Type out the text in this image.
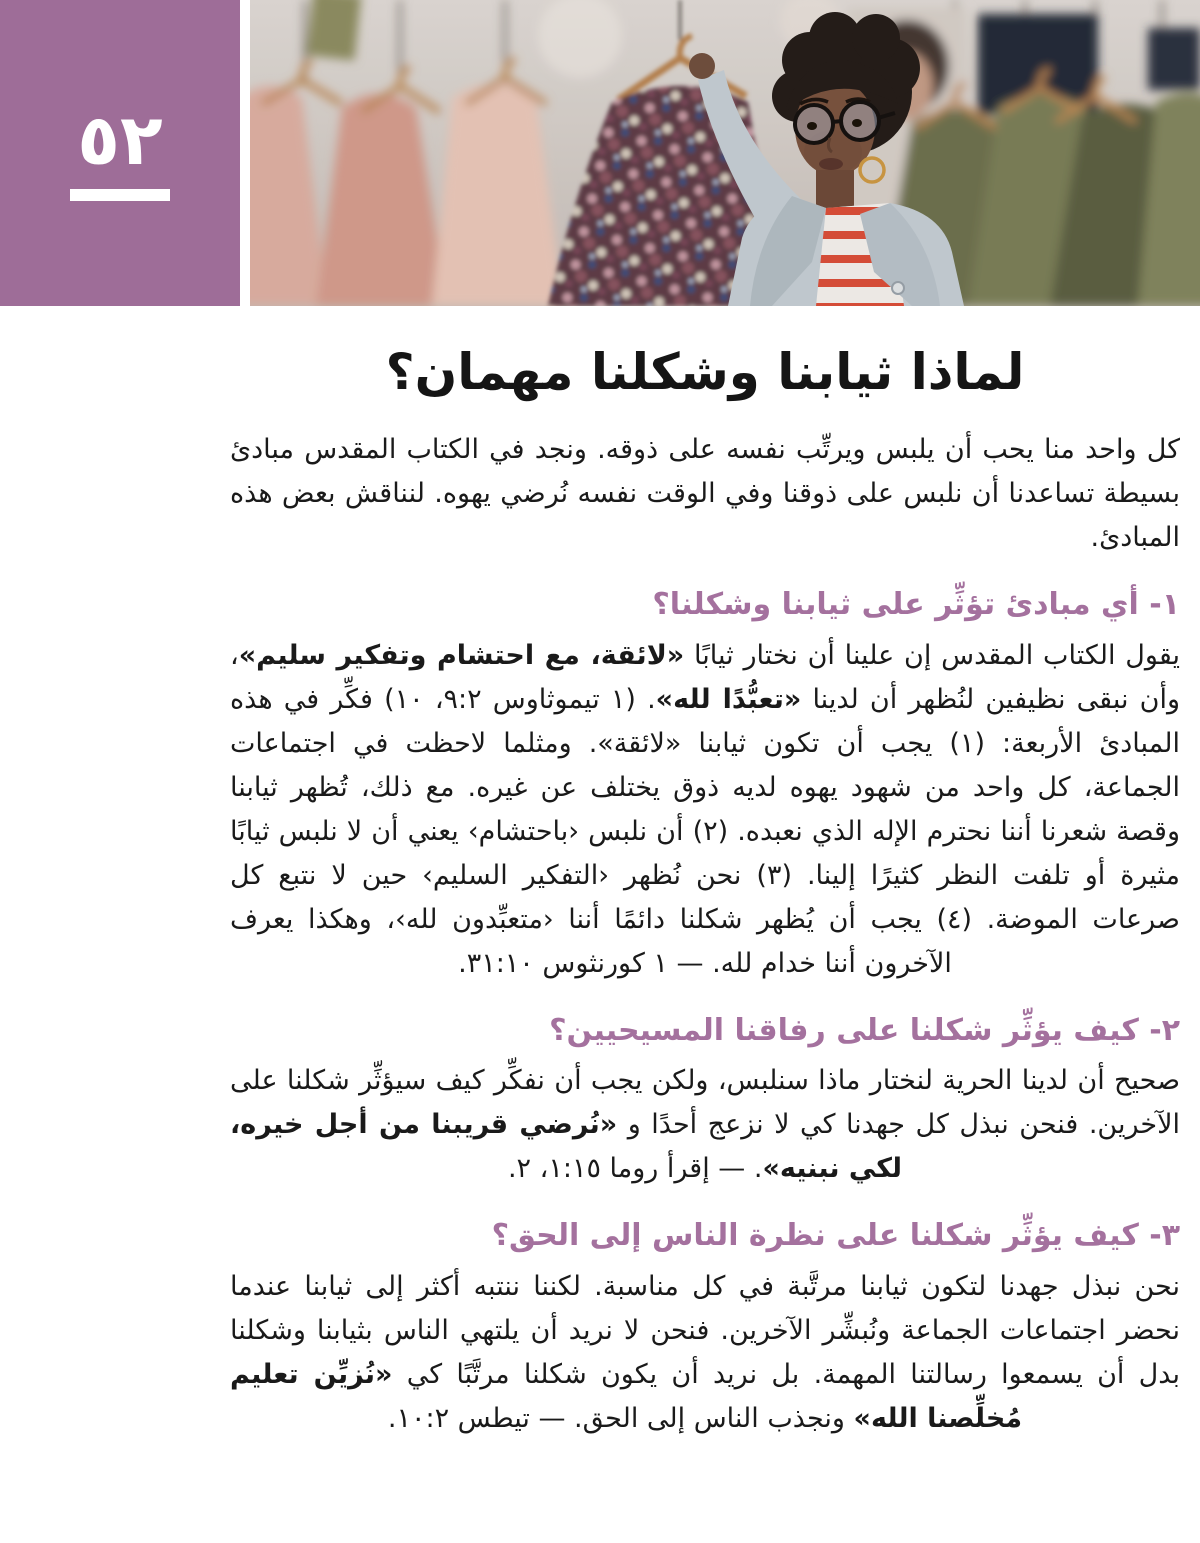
٥٢
لماذا ثيابنا وشكلنا مهمان؟

كل واحد منا يحب أن يلبس ويرتِّب نفسه على ذوقه. ونجد في الكتاب المقدس مبادئ بسيطة تساعدنا أن نلبس على ذوقنا وفي الوقت نفسه نُرضي يهوه. لنناقش بعض هذه المبادئ.

١- أي مبادئ تؤثِّر على ثيابنا وشكلنا؟

يقول الكتاب المقدس إن علينا أن نختار ثيابًا «لائقة، مع احتشام وتفكير سليم»، وأن نبقى نظيفين لنُظهر أن لدينا «تعبُّدًا لله». (١ تيموثاوس ٩:٢، ١٠) فكِّر في هذه المبادئ الأربعة: (١) يجب أن تكون ثيابنا «لائقة». ومثلما لاحظت في اجتماعات الجماعة، كل واحد من شهود يهوه لديه ذوق يختلف عن غيره. مع ذلك، تُظهر ثيابنا وقصة شعرنا أننا نحترم الإله الذي نعبده. (٢) أن نلبس ‹باحتشام› يعني أن لا نلبس ثيابًا مثيرة أو تلفت النظر كثيرًا إلينا. (٣) نحن نُظهر ‹التفكير السليم› حين لا نتبع كل صرعات الموضة. (٤) يجب أن يُظهر شكلنا دائمًا أننا ‹متعبِّدون لله›، وهكذا يعرف الآخرون أننا خدام لله. — ١ كورنثوس ٣١:١٠.

٢- كيف يؤثِّر شكلنا على رفاقنا المسيحيين؟

صحيح أن لدينا الحرية لنختار ماذا سنلبس، ولكن يجب أن نفكِّر كيف سيؤثِّر شكلنا على الآخرين. فنحن نبذل كل جهدنا كي لا نزعج أحدًا و «نُرضي قريبنا من أجل خيره، لكي نبنيه». — إقرأ روما ١:١٥، ٢.

٣- كيف يؤثِّر شكلنا على نظرة الناس إلى الحق؟

نحن نبذل جهدنا لتكون ثيابنا مرتَّبة في كل مناسبة. لكننا ننتبه أكثر إلى ثيابنا عندما نحضر اجتماعات الجماعة ونُبشِّر الآخرين. فنحن لا نريد أن يلتهي الناس بثيابنا وشكلنا بدل أن يسمعوا رسالتنا المهمة. بل نريد أن يكون شكلنا مرتَّبًا كي «نُزيِّن تعليم مُخلِّصنا الله» ونجذب الناس إلى الحق. — تيطس ١٠:٢.
